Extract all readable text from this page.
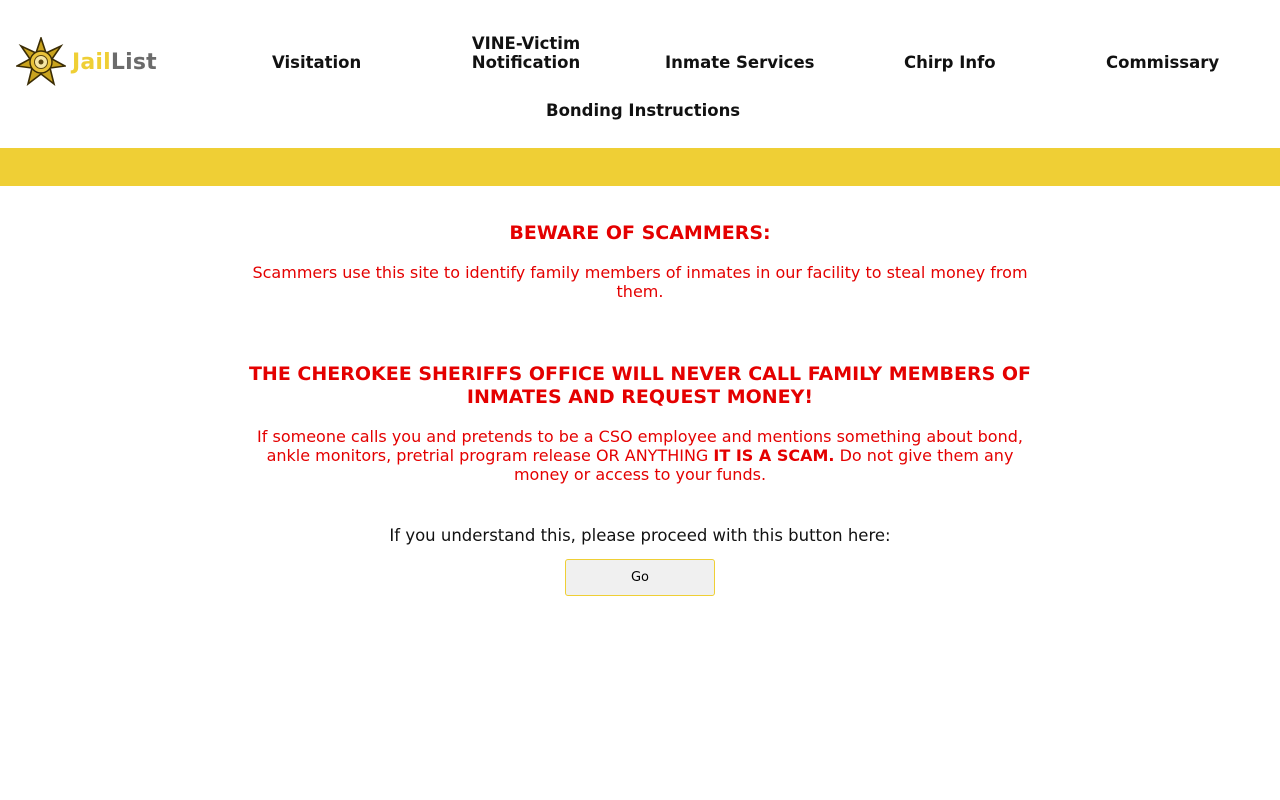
JailList	Visitation
VINE-Victim
Notification	Inmate Services	Chirp Info	Commissary
Bonding Instructions
BEWARE OF SCAMMERS:
Scammers use this site to identify family members of inmates in our facility to steal money from them.
THE CHEROKEE SHERIFFS OFFICE WILL NEVER CALL FAMILY MEMBERS OF INMATES AND REQUEST MONEY!
If someone calls you and pretends to be a CSO employee and mentions something about bond, ankle monitors, pretrial program release OR ANYTHING IT IS A SCAM. Do not give them any money or access to your funds.
If you understand this, please proceed with this button here:
Go
